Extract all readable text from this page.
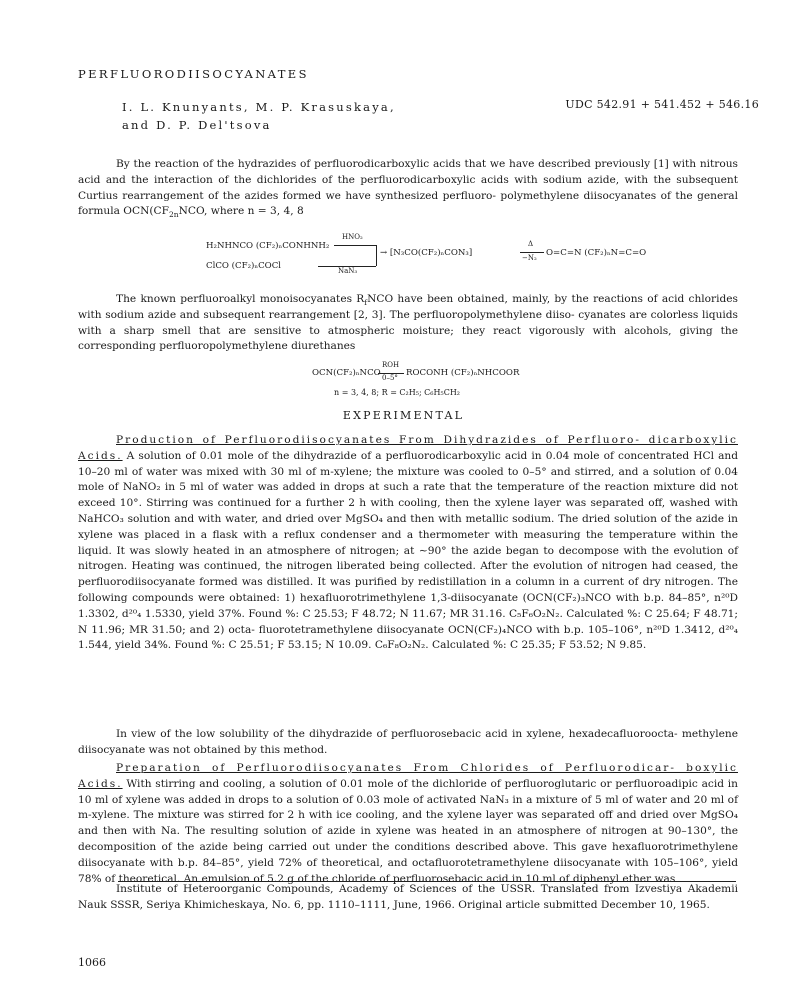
PERFLUORODIISOCYANATES
I. L. Knunyants, M. P. Krasuskaya,
and D. P. Del'tsova
UDC 542.91 + 541.452 + 546.16

By the reaction of the hydrazides of perfluorodicarboxylic acids that we have described previously [1] with nitrous acid and the interaction of the dichlorides of the perfluorodicarboxylic acids with sodium azide, with the subsequent Curtius rearrangement of the azides formed we have synthesized perfluoro- polymethylene diisocyanates of the general formula $OCN(CF_{2n}NCO$, where n = 3, 4, 8

H₂NHNCO (CF₂)ₙCONHNH₂
HNO₂
→ [N₃CO(CF₂)ₙCON₃]
Δ
−N₂ O=C=N (CF₂)ₙN=C=O
ClCO (CF₂)ₙCOCl	NaN₃

The known perfluoroalkyl monoisocyanates $R_fNCO$ have been obtained, mainly, by the reactions of acid chlorides with sodium azide and subsequent rearrangement [2, 3]. The perfluoropolymethylene diiso- cyanates are colorless liquids with a sharp smell that are sensitive to atmospheric moisture; they react vigorously with alcohols, giving the corresponding perfluoropolymethylene diurethanes

OCN(CF₂)ₙNCO
ROH
0–5° ROCONH (CF₂)ₙNHCOOR
n = 3, 4, 8; R = C₂H₅; C₆H₅CH₂
EXPERIMENTAL

Production of Perfluorodiisocyanates From Dihydrazides of Perfluoro- dicarboxylic Acids. A solution of 0.01 mole of the dihydrazide of a perfluorodicarboxylic acid in 0.04 mole of concentrated HCl and 10–20 ml of water was mixed with 30 ml of m-xylene; the mixture was cooled to 0–5° and stirred, and a solution of 0.04 mole of NaNO₂ in 5 ml of water was added in drops at such a rate that the temperature of the reaction mixture did not exceed 10°. Stirring was continued for a further 2 h with cooling, then the xylene layer was separated off, washed with NaHCO₃ solution and with water, and dried over MgSO₄ and then with metallic sodium. The dried solution of the azide in xylene was placed in a flask with a reflux condenser and a thermometer with measuring the temperature within the liquid. It was slowly heated in an atmosphere of nitrogen; at ∼90° the azide began to decompose with the evolution of nitrogen. Heating was continued, the nitrogen liberated being collected. After the evolution of nitrogen had ceased, the perfluorodiisocyanate formed was distilled. It was purified by redistillation in a column in a current of dry nitrogen. The following compounds were obtained: 1) hexafluorotrimethylene 1,3-diisocyanate (OCN(CF₂)₃NCO with b.p. 84–85°, n²⁰D 1.3302, d²⁰₄ 1.5330, yield 37%. Found %: C 25.53; F 48.72; N 11.67; MR 31.16. C₅F₆O₂N₂. Calculated %: C 25.64; F 48.71; N 11.96; MR 31.50; and 2) octa- fluorotetramethylene diisocyanate OCN(CF₂)₄NCO with b.p. 105–106°, n²⁰D 1.3412, d²⁰₄ 1.544, yield 34%. Found %: C 25.51; F 53.15; N 10.09. C₆F₈O₂N₂. Calculated %: C 25.35; F 53.52; N 9.85.

In view of the low solubility of the dihydrazide of perfluorosebacic acid in xylene, hexadecafluoroocta- methylene diisocyanate was not obtained by this method.

Preparation of Perfluorodiisocyanates From Chlorides of Perfluorodicar- boxylic Acids. With stirring and cooling, a solution of 0.01 mole of the dichloride of perfluoroglutaric or perfluoroadipic acid in 10 ml of xylene was added in drops to a solution of 0.03 mole of activated NaN₃ in a mixture of 5 ml of water and 20 ml of m-xylene. The mixture was stirred for 2 h with ice cooling, and the xylene layer was separated off and dried over MgSO₄ and then with Na. The resulting solution of azide in xylene was heated in an atmosphere of nitrogen at 90–130°, the decomposition of the azide being carried out under the conditions described above. This gave hexafluorotrimethylene diisocyanate with b.p. 84–85°, yield 72% of theoretical, and octafluorotetramethylene diisocyanate with 105–106°, yield 78% of theoretical. An emulsion of 5.2 g of the chloride of perfluorosebacic acid in 10 ml of diphenyl ether was

Institute of Heteroorganic Compounds, Academy of Sciences of the USSR. Translated from Izvestiya Akademii Nauk SSSR, Seriya Khimicheskaya, No. 6, pp. 1110–1111, June, 1966. Original article submitted December 10, 1965.

1066
